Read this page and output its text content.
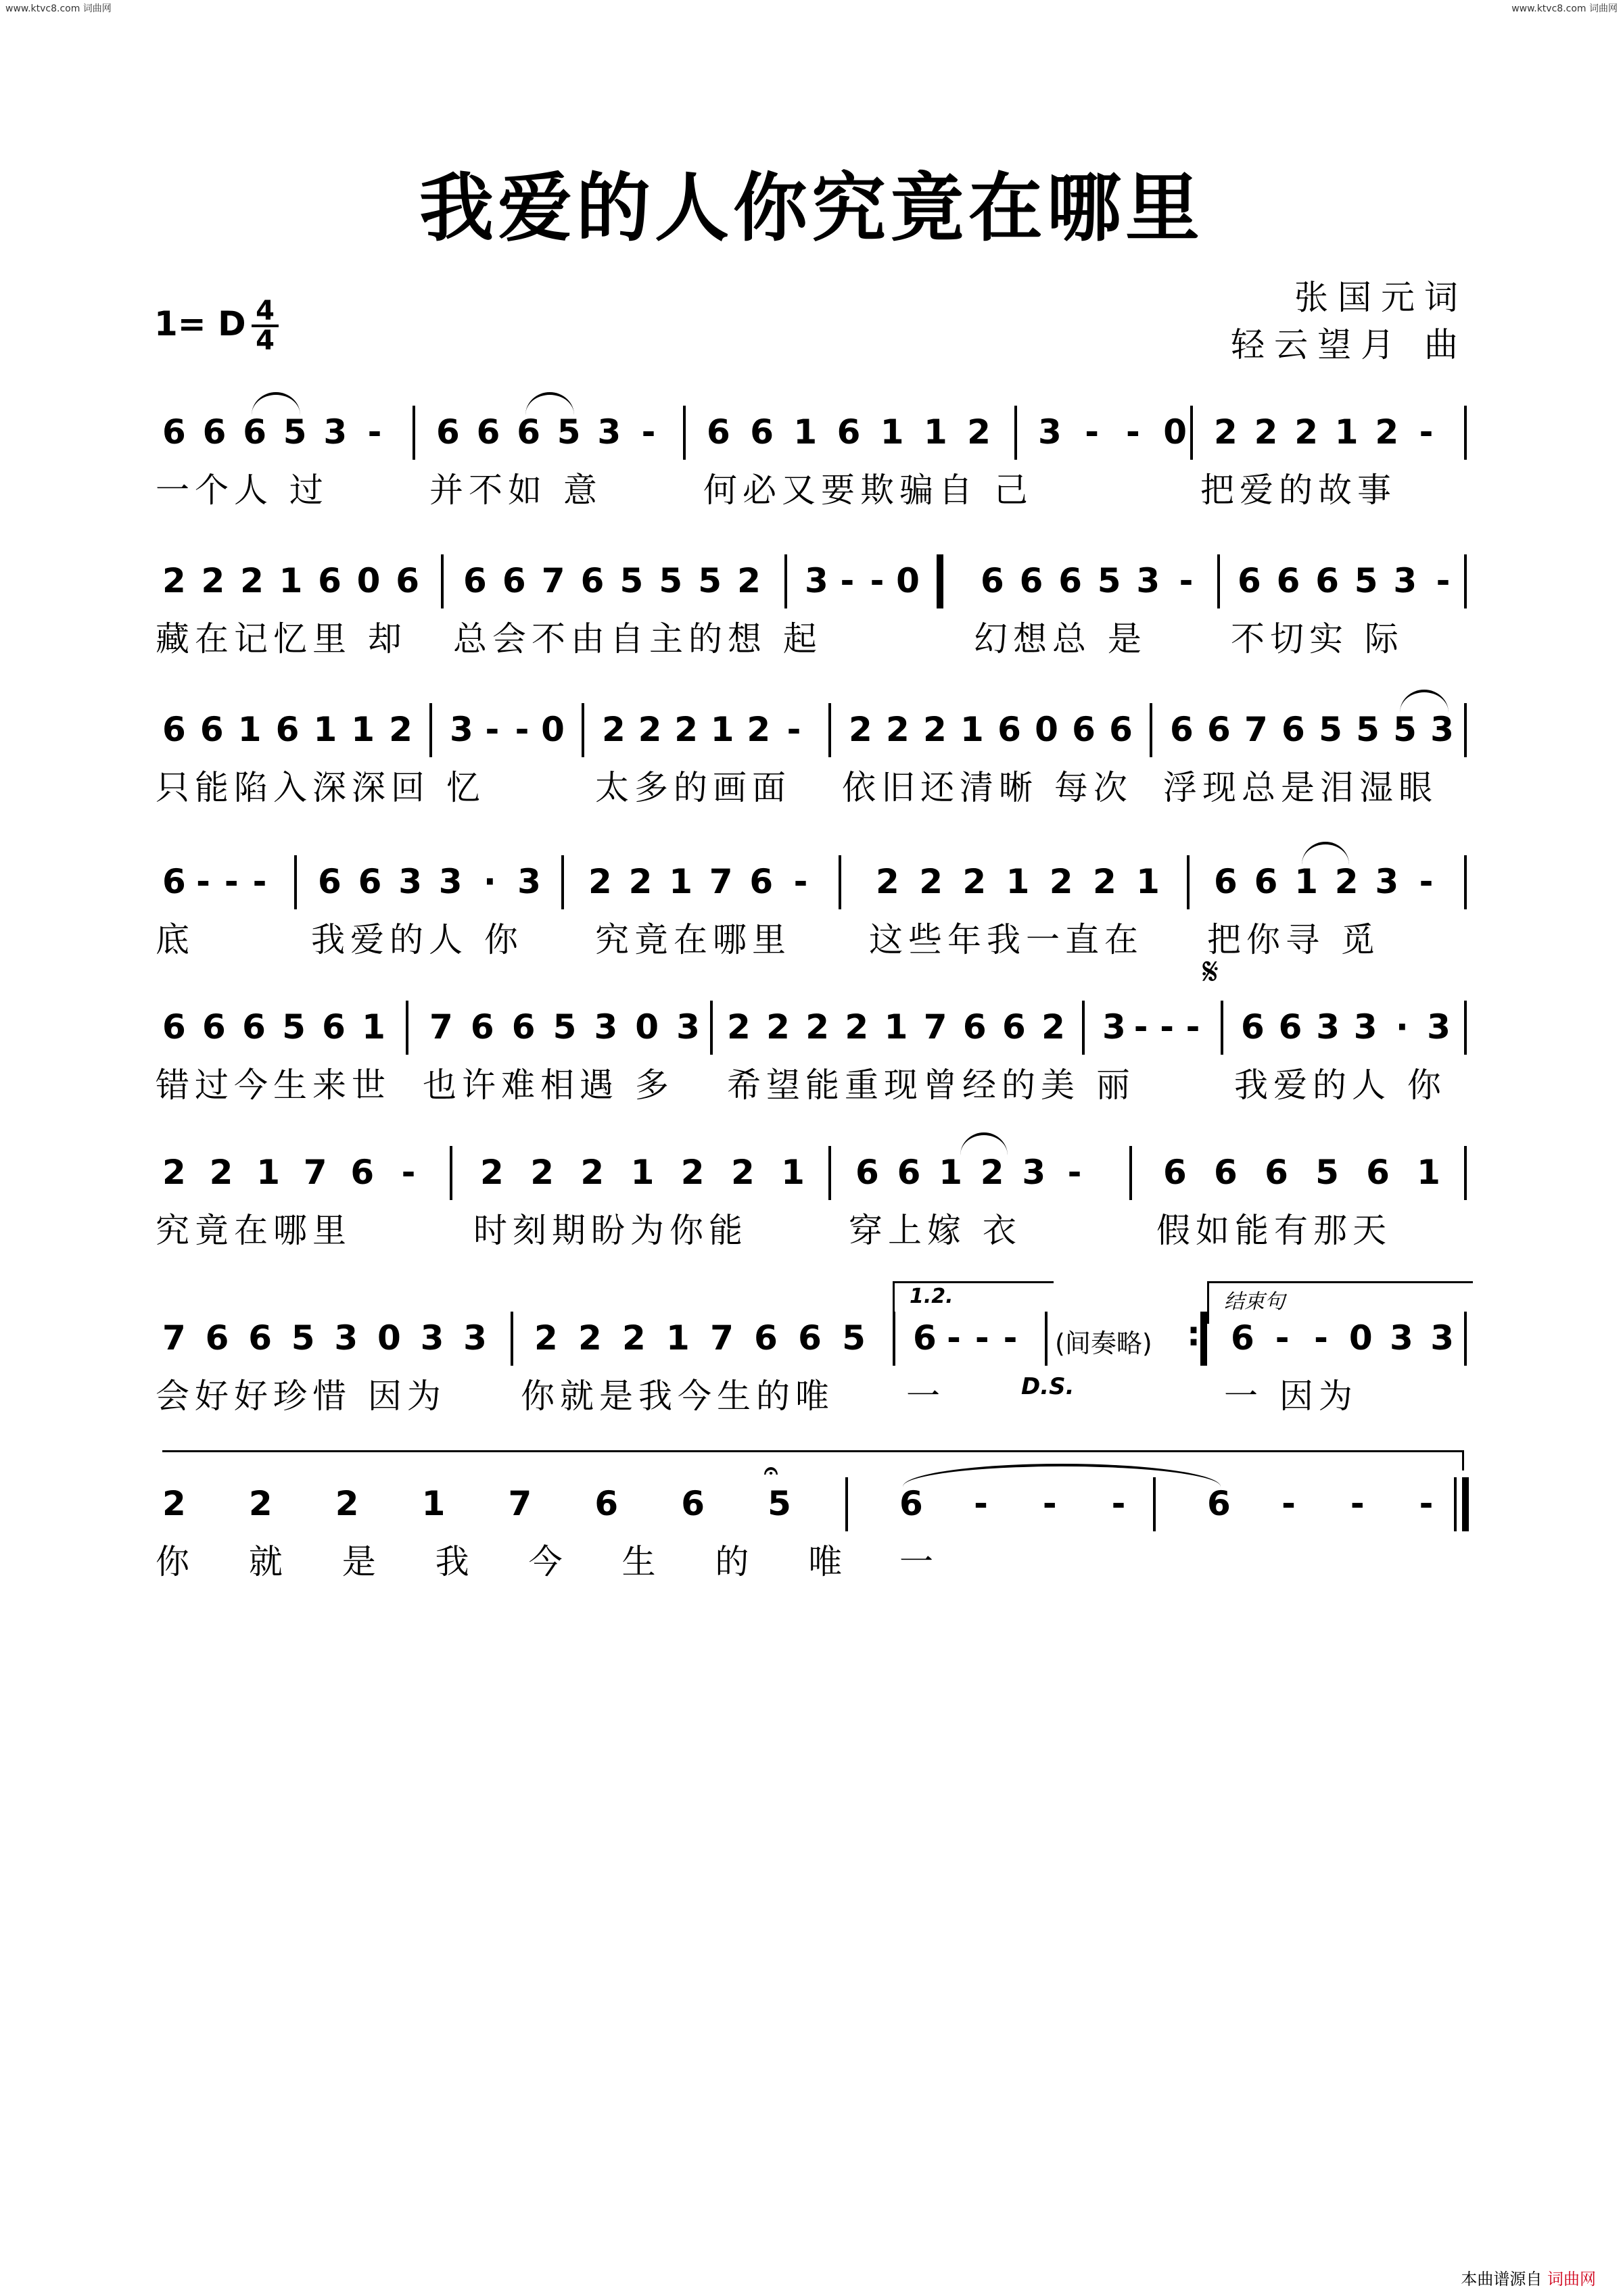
www.ktvc8.com 词曲网	www.ktvc8.com 词曲网
我爱的人你究竟在哪里
张国元词
轻云望月 曲
1= D 4
4
6 6 6 5 3 - 6 6 6 5 3 - 6 6 1 6 1 1 2 3 - - 0 2 2 2 1 2 -
一个人 过	并不如 意	何必又要欺骗自 己	把爱的故事
2 2 2 1 6 0 6 6 6 7 6 5 5 5 2 3 - - 0 6 6 6 5 3 - 6 6 6 5 3 -
藏在记忆里 却 总会不由自主的想 起	幻想总 是 不切实 际
6 6 1 6 1 1 2 3 - - 0 2 2 2 1 2 - 2 2 2 1 6 0 6 6 6 6 7 6 5 5 5 3
只能陷入深深回 忆	太多的画面 依旧还清晰 每次 浮现总是泪湿眼
6 - - - 6 6 3 3 · 3 2 2 1 7 6 - 2 2 2 1 2 2 1 6 6 1 2 3 -
底	我爱的人 你 究竟在哪里 这些年我一直在 把你寻 觅
𝄋
6 6 6 5 6 1 7 6 6 5 3 0 3 2 2 2 2 1 7 6 6 2 3 - - - 6 6 3 3 · 3
错过今生来世 也许难相遇 多 希望能重现曾经的美 丽	我爱的人 你
2 2 1 7 6 - 2 2 2 1 2 2 1 6 6 1 2 3 - 6 6 6 5 6 1
究竟在哪里	时刻期盼为你能	穿上嫁 衣	假如能有那天
1.2.	结束句
7 6 6 5 3 0 3 3 2 2 2 1 7 6 6 5 6 - - - (间奏略)	: 6 - - 0 3 3
会好好珍惜 因为 你就是我今生的唯 一	D.S.	一 因为
2 2 2 1 7 6 6 5
𝄐
6 - - - 6 - - -
你 就 是 我 今 生 的 唯 一
本曲谱源自 词曲网
